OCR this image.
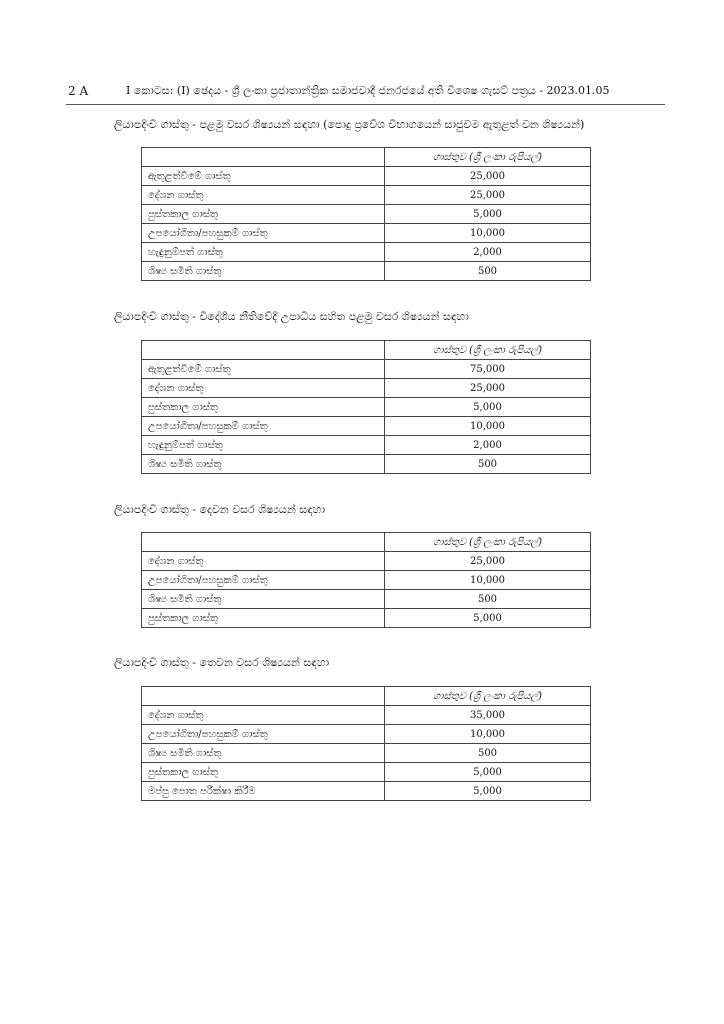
2 A	I කොටස: (I) ඡෙදය - ශ්‍රී ලංකා ප්‍රජාතාන්ත්‍රික සමාජවාදී ජනරජයේ අති විශෙෂ ගැසට් පත්‍රය - 2023.01.05
ලියාපදිංචි ගාස්තු - පළමු වසර ශිෂ්‍යයන් සඳහා (පොදු ප්‍රවේශ විභාගයෙන් සාජුවම ඇතුළත් වන ශිෂ්‍යයන්)
	ගාස්තුව (ශ්‍රී ලංකා රුපියල්)
ඇතුළත්වීමේ ගාස්තු	25,000
දේශන ගාස්තු	25,000
පුස්තකාල ගාස්තු	5,000
උපයෝගිතා/පහසුකම් ගාස්තු	10,000
හැඳුනුම්පත් ගාස්තු	2,000
ශිෂ්‍ය සමිති ගාස්තු	500
ලියාපදිංචි ගාස්තු - විදේශීය නීතිවේදී උපාධිය සහිත පළමු වසර ශිෂ්‍යයන් සඳහා
	ගාස්තුව (ශ්‍රී ලංකා රුපියල්)
ඇතුළත්වීමේ ගාස්තු	75,000
දේශන ගාස්තු	25,000
පුස්තකාල ගාස්තු	5,000
උපයෝගිතා/පහසුකම් ගාස්තු	10,000
හැඳුනුම්පත් ගාස්තු	2,000
ශිෂ්‍ය සමිති ගාස්තු	500
ලියාපදිංචි ගාස්තු - දෙවන වසර ශිෂ්‍යයන් සඳහා
	ගාස්තුව (ශ්‍රී ලංකා රුපියල්)
දේශන ගාස්තු	25,000
උපයෝගිතා/පහසුකම් ගාස්තු	10,000
ශිෂ්‍ය සමිති ගාස්තු	500
පුස්තකාල ගාස්තු	5,000
ලියාපදිංචි ගාස්තු - තෙවන වසර ශිෂ්‍යයන් සඳහා
	ගාස්තුව (ශ්‍රී ලංකා රුපියල්)
දේශන ගාස්තු	35,000
උපයෝගිතා/පහසුකම් ගාස්තු	10,000
ශිෂ්‍ය සමිති ගාස්තු	500
පුස්තකාල ගාස්තු	5,000
මප්පු පොත පරීක්ෂා කිරීම	5,000
